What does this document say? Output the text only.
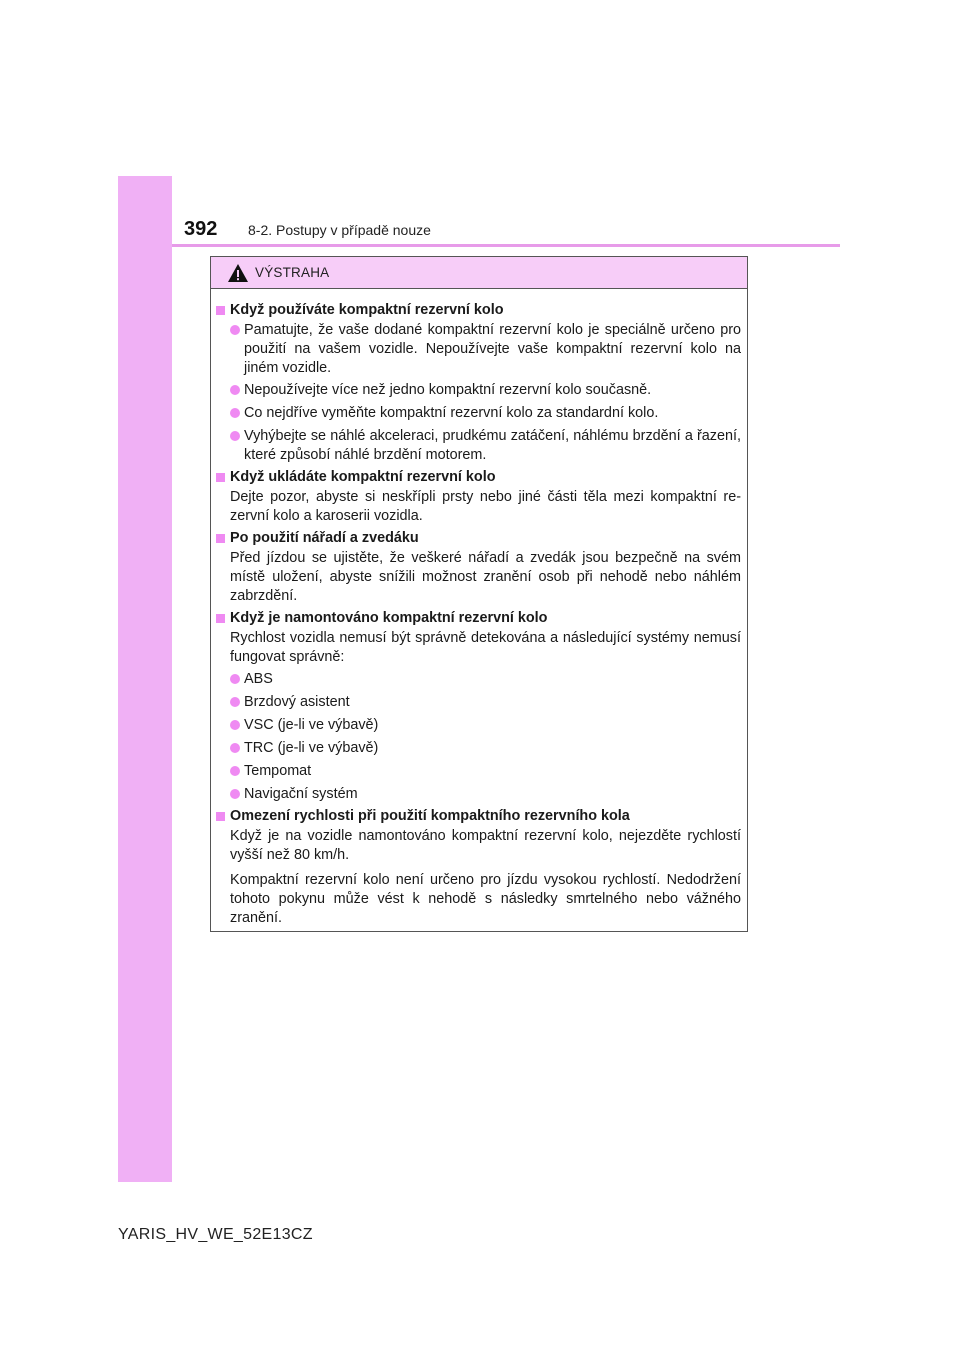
392 8-2. Postupy v případě nouze
VÝSTRAHA
Když používáte kompaktní rezervní kolo
Pamatujte, že vaše dodané kompaktní rezervní kolo je speciálně určeno pro použití na vašem vozidle. Nepoužívejte vaše kompaktní rezervní kolo na jiném vozidle.
Nepoužívejte více než jedno kompaktní rezervní kolo současně.
Co nejdříve vyměňte kompaktní rezervní kolo za standardní kolo.
Vyhýbejte se náhlé akceleraci, prudkému zatáčení, náhlému brzdění a řazení, které způsobí náhlé brzdění motorem.
Když ukládáte kompaktní rezervní kolo
Dejte pozor, abyste si neskřípli prsty nebo jiné části těla mezi kompaktní rezervní kolo a karoserii vozidla.
Po použití nářadí a zvedáku
Před jízdou se ujistěte, že veškeré nářadí a zvedák jsou bezpečně na svém místě uložení, abyste snížili možnost zranění osob při nehodě nebo náhlém zabrzdění.
Když je namontováno kompaktní rezervní kolo
Rychlost vozidla nemusí být správně detekována a následující systémy nemusí fungovat správně:
ABS
Brzdový asistent
VSC (je-li ve výbavě)
TRC (je-li ve výbavě)
Tempomat
Navigační systém
Omezení rychlosti při použití kompaktního rezervního kola
Když je na vozidle namontováno kompaktní rezervní kolo, nejezděte rychlostí vyšší než 80 km/h.
Kompaktní rezervní kolo není určeno pro jízdu vysokou rychlostí. Nedodržení tohoto pokynu může vést k nehodě s následky smrtelného nebo vážného zranění.
YARIS_HV_WE_52E13CZ
